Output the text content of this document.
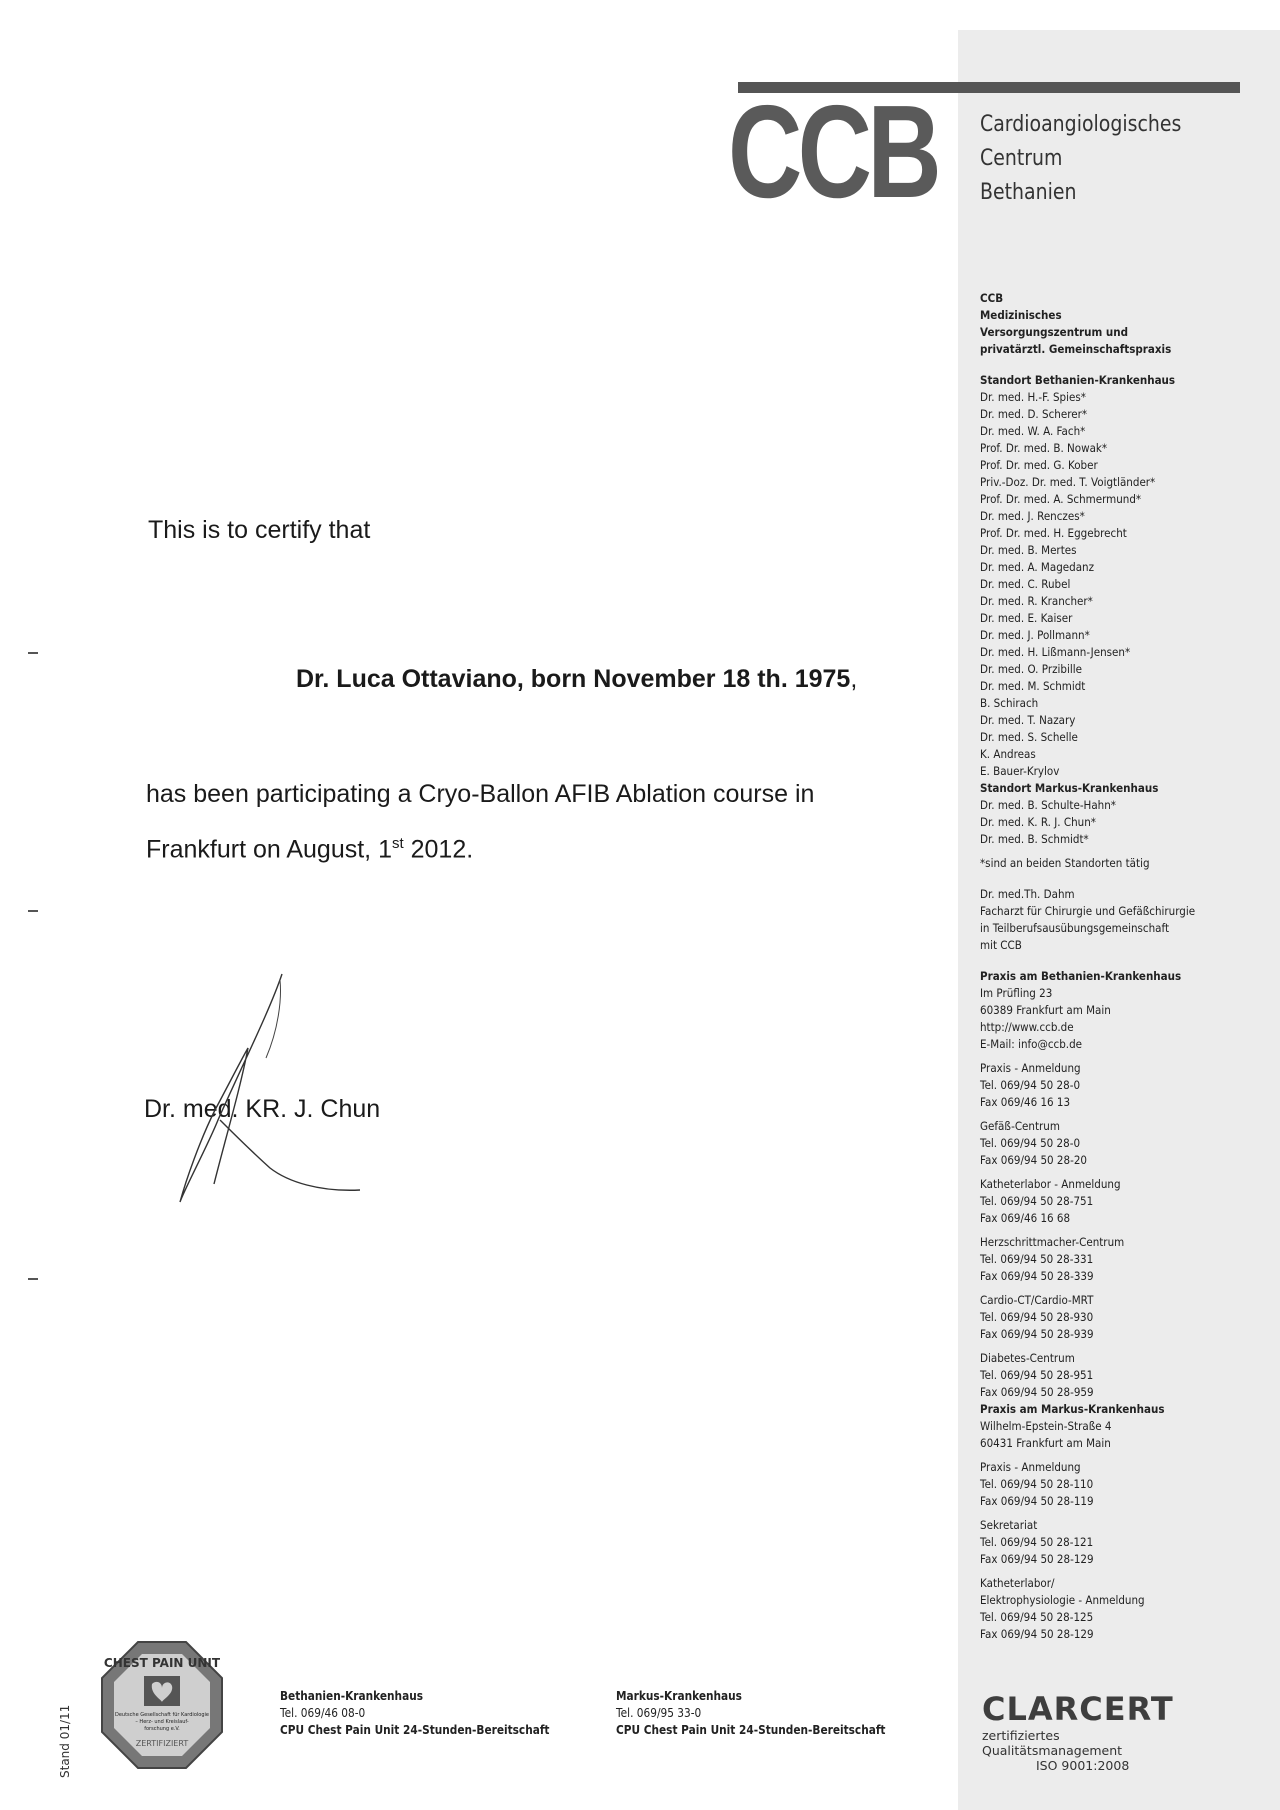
CCB Cardioangiologisches
Centrum
Bethanien
CCB
Medizinisches
Versorgungszentrum und
privatärztl. Gemeinschaftspraxis
Standort Bethanien-Krankenhaus
Dr. med. H.-F. Spies*
Dr. med. D. Scherer*
Dr. med. W. A. Fach*
Prof. Dr. med. B. Nowak*
Prof. Dr. med. G. Kober
Priv.-Doz. Dr. med. T. Voigtländer*
Prof. Dr. med. A. Schmermund*
Dr. med. J. Renczes*
Prof. Dr. med. H. Eggebrecht
Dr. med. B. Mertes
Dr. med. A. Magedanz
Dr. med. C. Rubel
Dr. med. R. Krancher*
Dr. med. E. Kaiser
Dr. med. J. Pollmann*
Dr. med. H. Lißmann-Jensen*
Dr. med. O. Przibille
Dr. med. M. Schmidt
B. Schirach
Dr. med. T. Nazary
Dr. med. S. Schelle
K. Andreas
E. Bauer-Krylov
Standort Markus-Krankenhaus
Dr. med. B. Schulte-Hahn*
Dr. med. K. R. J. Chun*
Dr. med. B. Schmidt*
*sind an beiden Standorten tätig
Dr. med.Th. Dahm
Facharzt für Chirurgie und Gefäßchirurgie
in Teilberufsausübungsgemeinschaft
mit CCB
Praxis am Bethanien-Krankenhaus
Im Prüfling 23
60389 Frankfurt am Main
http://www.ccb.de
E-Mail: info@ccb.de
Praxis - Anmeldung
Tel. 069/94 50 28-0
Fax 069/46 16 13
Gefäß-Centrum
Tel. 069/94 50 28-0
Fax 069/94 50 28-20
Katheterlabor - Anmeldung
Tel. 069/94 50 28-751
Fax 069/46 16 68
Herzschrittmacher-Centrum
Tel. 069/94 50 28-331
Fax 069/94 50 28-339
Cardio-CT/Cardio-MRT
Tel. 069/94 50 28-930
Fax 069/94 50 28-939
Diabetes-Centrum
Tel. 069/94 50 28-951
Fax 069/94 50 28-959
Praxis am Markus-Krankenhaus
Wilhelm-Epstein-Straße 4
60431 Frankfurt am Main
Praxis - Anmeldung
Tel. 069/94 50 28-110
Fax 069/94 50 28-119
Sekretariat
Tel. 069/94 50 28-121
Fax 069/94 50 28-129
Katheterlabor/
Elektrophysiologie - Anmeldung
Tel. 069/94 50 28-125
Fax 069/94 50 28-129
This is to certify that
Dr. Luca Ottaviano, born November 18 th. 1975,
has been participating a Cryo-Ballon AFIB Ablation course in
Frankfurt on August, 1st 2012.
Dr. med. KR. J. Chun
CHEST PAIN UNIT
Deutsche Gesellschaft für Kardiologie
– Herz- und Kreislauf-
forschung e.V.
ZERTIFIZIERT
Stand 01/11
Bethanien-Krankenhaus
Tel. 069/46 08-0
CPU Chest Pain Unit 24-Stunden-Bereitschaft
Markus-Krankenhaus
Tel. 069/95 33-0
CPU Chest Pain Unit 24-Stunden-Bereitschaft
CLARCERT
zertifiziertes Qualitätsmanagement
ISO 9001:2008
